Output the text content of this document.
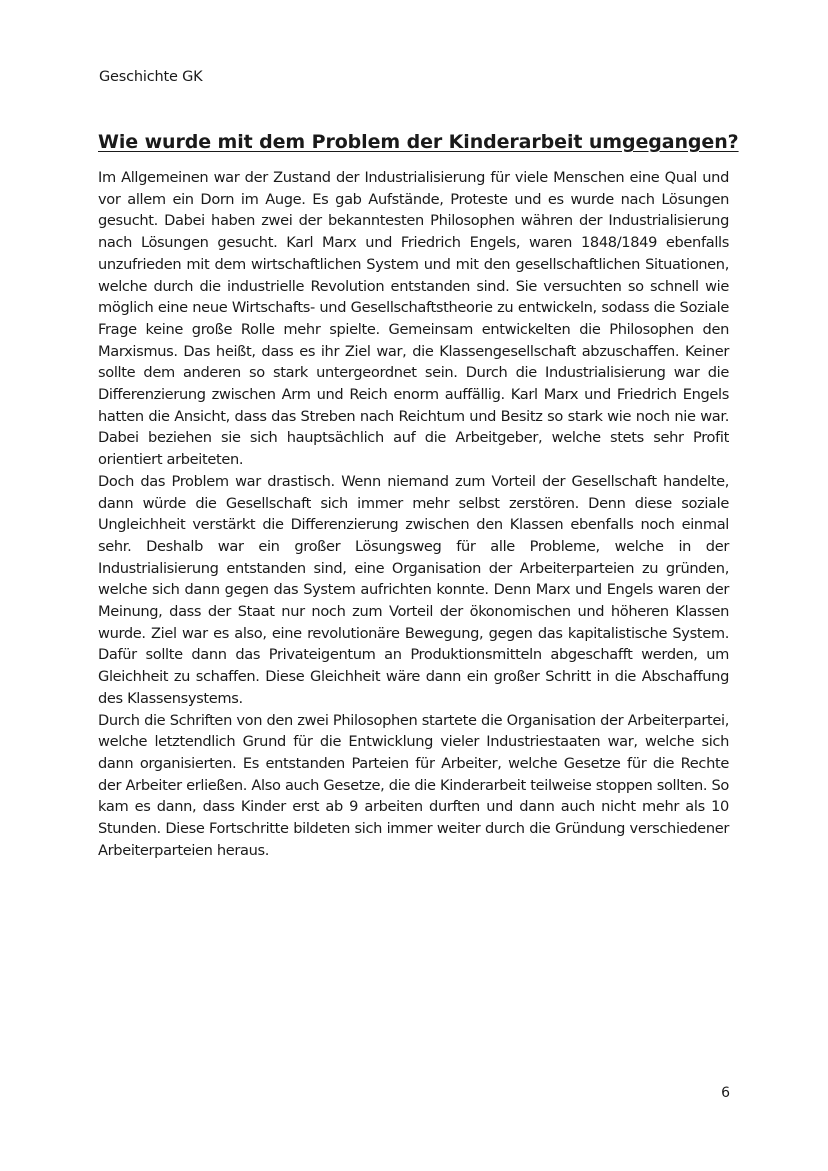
Geschichte GK
Wie wurde mit dem Problem der Kinderarbeit umgegangen?

Im Allgemeinen war der Zustand der Industrialisierung für viele Menschen eine Qual und vor allem ein Dorn im Auge. Es gab Aufstände, Proteste und es wurde nach Lösungen gesucht. Dabei haben zwei der bekanntesten Philosophen währen der Industrialisierung nach Lösungen gesucht. Karl Marx und Friedrich Engels, waren 1848/1849 ebenfalls unzufrieden mit dem wirtschaftlichen System und mit den gesellschaftlichen Situationen, welche durch die industrielle Revolution entstanden sind. Sie versuchten so schnell wie möglich eine neue Wirtschafts- und Gesellschaftstheorie zu entwickeln, sodass die Soziale Frage keine große Rolle mehr spielte. Gemeinsam entwickelten die Philosophen den Marxismus. Das heißt, dass es ihr Ziel war, die Klassengesellschaft abzuschaffen. Keiner sollte dem anderen so stark untergeordnet sein. Durch die Industrialisierung war die Differenzierung zwischen Arm und Reich enorm auffällig. Karl Marx und Friedrich Engels hatten die Ansicht, dass das Streben nach Reichtum und Besitz so stark wie noch nie war. Dabei beziehen sie sich hauptsächlich auf die Arbeitgeber, welche stets sehr Profit orientiert arbeiteten.

Doch das Problem war drastisch. Wenn niemand zum Vorteil der Gesellschaft handelte, dann würde die Gesellschaft sich immer mehr selbst zerstören. Denn diese soziale Ungleichheit verstärkt die Differenzierung zwischen den Klassen ebenfalls noch einmal sehr. Deshalb war ein großer Lösungsweg für alle Probleme, welche in der Industrialisierung entstanden sind, eine Organisation der Arbeiterparteien zu gründen, welche sich dann gegen das System aufrichten konnte. Denn Marx und Engels waren der Meinung, dass der Staat nur noch zum Vorteil der ökonomischen und höheren Klassen wurde. Ziel war es also, eine revolutionäre Bewegung, gegen das kapitalistische System. Dafür sollte dann das Privateigentum an Produktionsmitteln abgeschafft werden, um Gleichheit zu schaffen. Diese Gleichheit wäre dann ein großer Schritt in die Abschaffung des Klassensystems.

Durch die Schriften von den zwei Philosophen startete die Organisation der Arbeiterpartei, welche letztendlich Grund für die Entwicklung vieler Industriestaaten war, welche sich dann organisierten. Es entstanden Parteien für Arbeiter, welche Gesetze für die Rechte der Arbeiter erließen. Also auch Gesetze, die die Kinderarbeit teilweise stoppen sollten. So kam es dann, dass Kinder erst ab 9 arbeiten durften und dann auch nicht mehr als 10 Stunden. Diese Fortschritte bildeten sich immer weiter durch die Gründung verschiedener Arbeiterparteien heraus.

6
